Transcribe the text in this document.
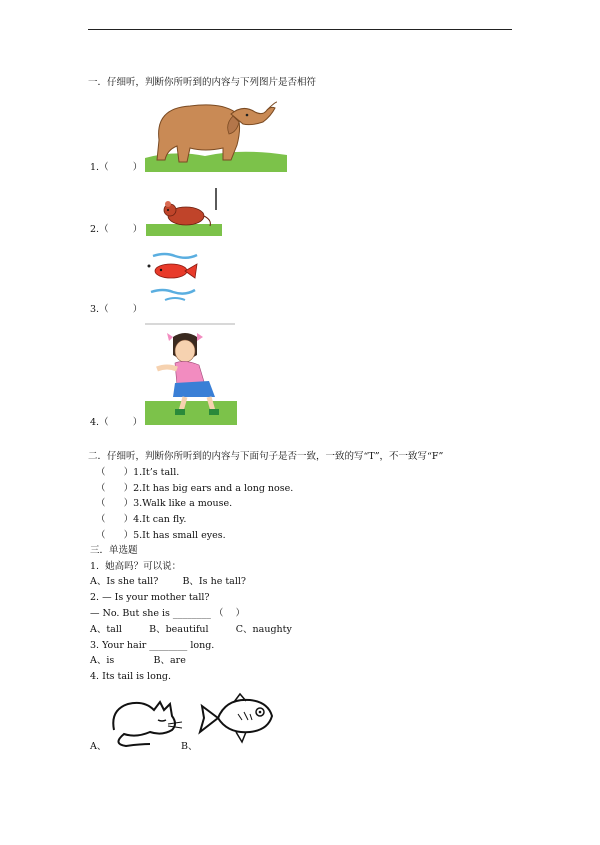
一．仔细听，判断你所听到的内容与下列图片是否相符
1.（        ）
2.（        ）
3.（        ）
4.（        ）
二．仔细听，判断你所听到的内容与下面句子是否一致，一致的写“T”，不一致写“F”
（      ）1.It’s tall.
（      ）2.It has big ears and a long nose.
（      ）3.Walk like a mouse.
（      ）4.It can fly.
（      ）5.It has small eyes.
三．单选题
1.  她高吗？可以说：
A、Is she tall?        B、Is he tall?
2. — Is your mother tall?
— No. But she is ________ （    ）
A、tall         B、beautiful         C、naughty
3. Your hair ________ long.
A、is             B、are
4. Its tail is long.
A、	B、
